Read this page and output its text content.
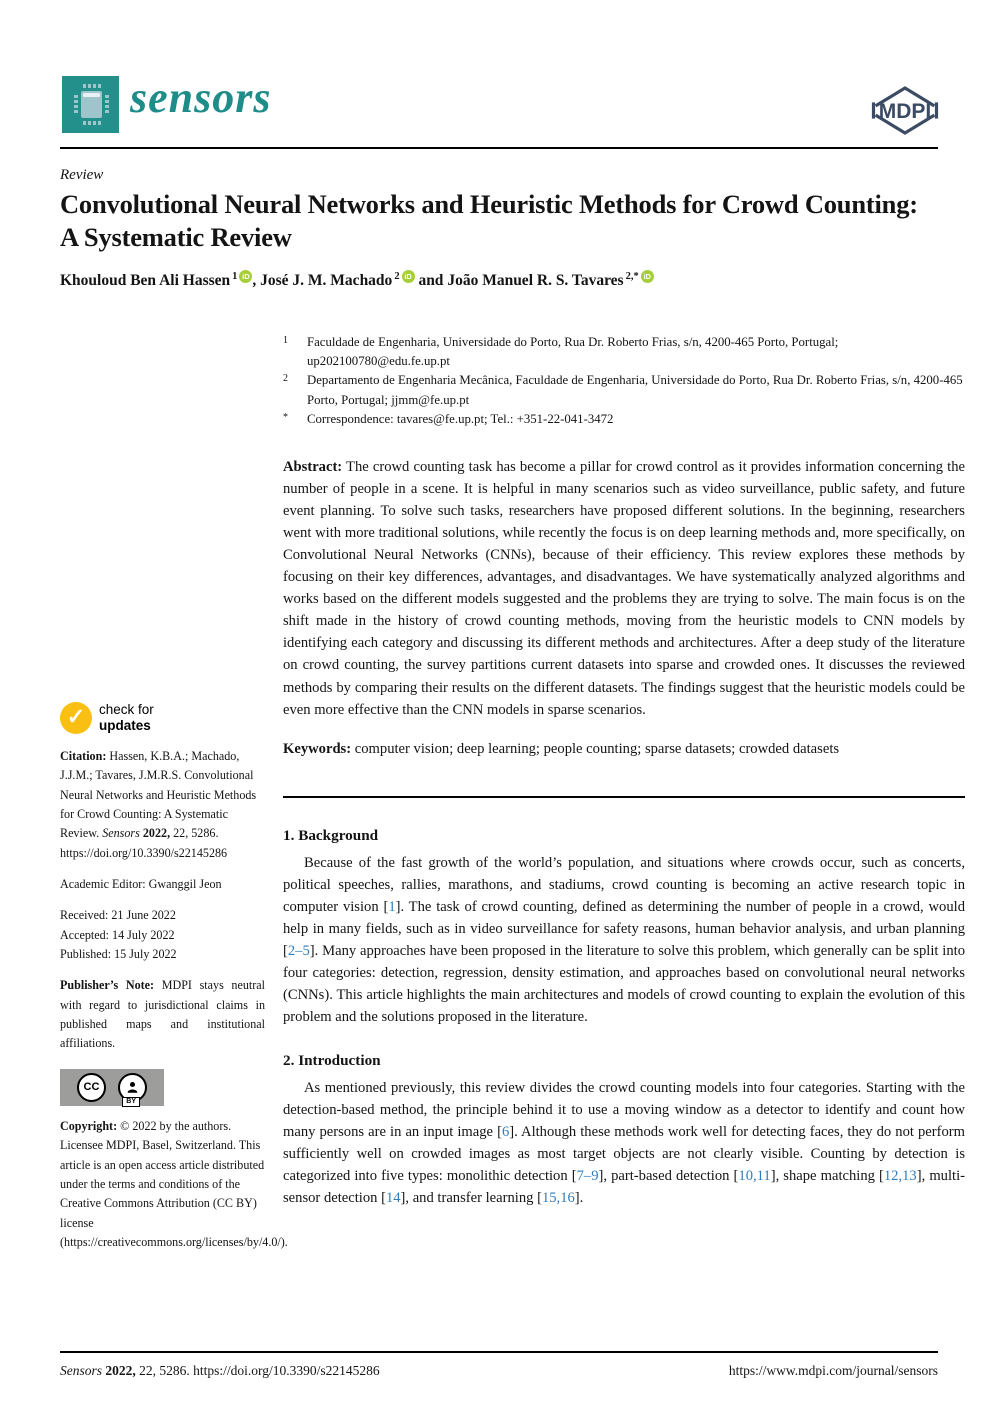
sensors	MDPI
Review
Convolutional Neural Networks and Heuristic Methods for Crowd Counting: A Systematic Review
Khouloud Ben Ali Hassen $^1$ iD , José J. M. Machado $^2$ iD and João Manuel R. S. Tavares $^{2,*}$ iD
$^1$	Faculdade de Engenharia, Universidade do Porto, Rua Dr. Roberto Frias, s/n, 4200-465 Porto, Portugal; up202100780@edu.fe.up.pt
$^2$	Departamento de Engenharia Mecânica, Faculdade de Engenharia, Universidade do Porto, Rua Dr. Roberto Frias, s/n, 4200-465 Porto, Portugal; jjmm@fe.up.pt
*	Correspondence: tavares@fe.up.pt; Tel.: +351-22-041-3472
Abstract: The crowd counting task has become a pillar for crowd control as it provides information concerning the number of people in a scene. It is helpful in many scenarios such as video surveillance, public safety, and future event planning. To solve such tasks, researchers have proposed different solutions. In the beginning, researchers went with more traditional solutions, while recently the focus is on deep learning methods and, more specifically, on Convolutional Neural Networks (CNNs), because of their efficiency. This review explores these methods by focusing on their key differences, advantages, and disadvantages. We have systematically analyzed algorithms and works based on the different models suggested and the problems they are trying to solve. The main focus is on the shift made in the history of crowd counting methods, moving from the heuristic models to CNN models by identifying each category and discussing its different methods and architectures. After a deep study of the literature on crowd counting, the survey partitions current datasets into sparse and crowded ones. It discusses the reviewed methods by comparing their results on the different datasets. The findings suggest that the heuristic models could be even more effective than the CNN models in sparse scenarios.
Keywords: computer vision; deep learning; people counting; sparse datasets; crowded datasets
1. Background
Because of the fast growth of the world’s population, and situations where crowds occur, such as concerts, political speeches, rallies, marathons, and stadiums, crowd counting is becoming an active research topic in computer vision [1]. The task of crowd counting, defined as determining the number of people in a crowd, would help in many fields, such as in video surveillance for safety reasons, human behavior analysis, and urban planning [2–5]. Many approaches have been proposed in the literature to solve this problem, which generally can be split into four categories: detection, regression, density estimation, and approaches based on convolutional neural networks (CNNs). This article highlights the main architectures and models of crowd counting to explain the evolution of this problem and the solutions proposed in the literature.
2. Introduction
As mentioned previously, this review divides the crowd counting models into four categories. Starting with the detection-based method, the principle behind it to use a moving window as a detector to identify and count how many persons are in an input image [6]. Although these methods work well for detecting faces, they do not perform sufficiently well on crowded images as most target objects are not clearly visible. Counting by detection is categorized into five types: monolithic detection [7–9], part-based detection [10,11], shape matching [12,13], multi-sensor detection [14], and transfer learning [15,16].
✓	check for
updates
Citation: Hassen, K.B.A.; Machado, J.J.M.; Tavares, J.M.R.S. Convolutional Neural Networks and Heuristic Methods for Crowd Counting: A Systematic Review. Sensors 2022, 22, 5286. https://doi.org/10.3390/s22145286
Academic Editor: Gwanggil Jeon
Received: 21 June 2022
Accepted: 14 July 2022
Published: 15 July 2022
Publisher’s Note: MDPI stays neutral with regard to jurisdictional claims in published maps and institutional affiliations.
CC
BY
Copyright: © 2022 by the authors. Licensee MDPI, Basel, Switzerland. This article is an open access article distributed under the terms and conditions of the Creative Commons Attribution (CC BY) license (https://creativecommons.org/licenses/by/4.0/).
Sensors 2022, 22, 5286. https://doi.org/10.3390/s22145286	https://www.mdpi.com/journal/sensors
